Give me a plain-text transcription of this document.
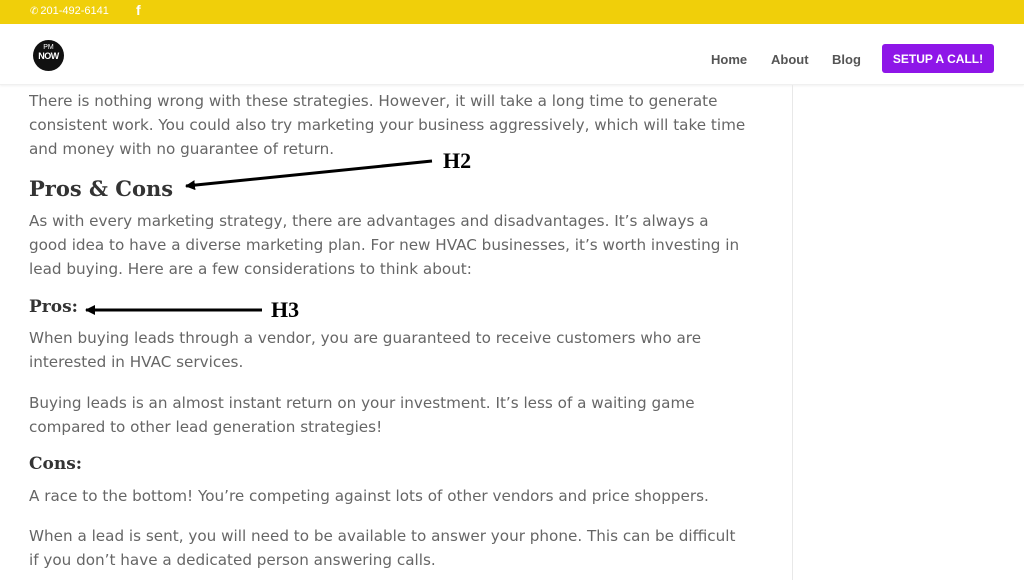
✆ 201-492-6141 f
PM
NOW	Home About Blog	SETUP A CALL!

There is nothing wrong with these strategies. However, it will take a long time to generate consistent work. You could also try marketing your business aggressively, which will take time and money with no guarantee of return.

Pros & Cons

As with every marketing strategy, there are advantages and disadvantages. It’s always a good idea to have a diverse marketing plan. For new HVAC businesses, it’s worth investing in lead buying. Here are a few considerations to think about:

Pros:

When buying leads through a vendor, you are guaranteed to receive customers who are interested in HVAC services.

Buying leads is an almost instant return on your investment. It’s less of a waiting game compared to other lead generation strategies!

Cons:

A race to the bottom! You’re competing against lots of other vendors and price shoppers.

When a lead is sent, you will need to be available to answer your phone. This can be difficult if you don’t have a dedicated person answering calls.

H2
H3
